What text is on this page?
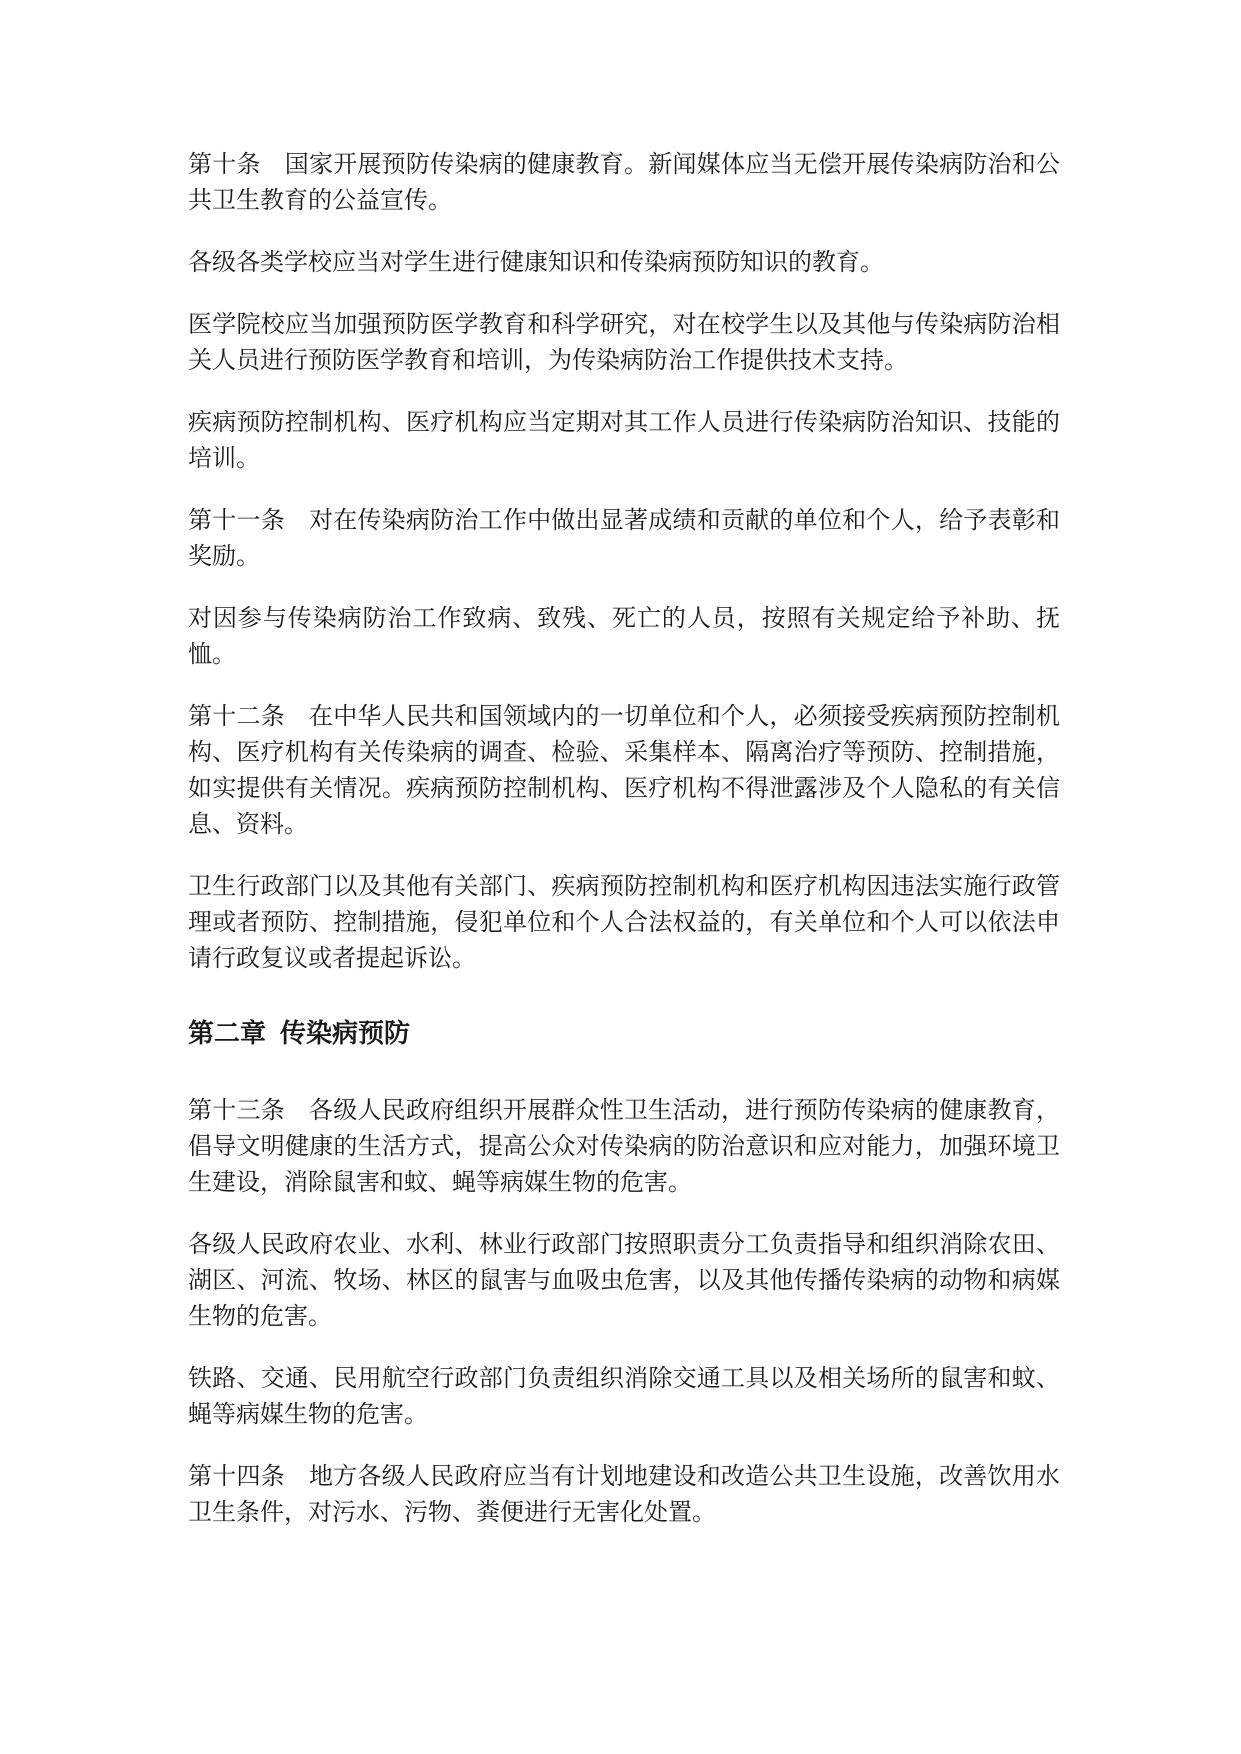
第十条 国家开展预防传染病的健康教育。新闻媒体应当无偿开展传染病防治和公共卫生教育的公益宣传。

各级各类学校应当对学生进行健康知识和传染病预防知识的教育。

医学院校应当加强预防医学教育和科学研究，对在校学生以及其他与传染病防治相关人员进行预防医学教育和培训，为传染病防治工作提供技术支持。

疾病预防控制机构、医疗机构应当定期对其工作人员进行传染病防治知识、技能的培训。

第十一条 对在传染病防治工作中做出显著成绩和贡献的单位和个人，给予表彰和奖励。

对因参与传染病防治工作致病、致残、死亡的人员，按照有关规定给予补助、抚恤。

第十二条 在中华人民共和国领域内的一切单位和个人，必须接受疾病预防控制机构、医疗机构有关传染病的调查、检验、采集样本、隔离治疗等预防、控制措施，如实提供有关情况。疾病预防控制机构、医疗机构不得泄露涉及个人隐私的有关信息、资料。

卫生行政部门以及其他有关部门、疾病预防控制机构和医疗机构因违法实施行政管理或者预防、控制措施，侵犯单位和个人合法权益的，有关单位和个人可以依法申请行政复议或者提起诉讼。

第二章 传染病预防

第十三条 各级人民政府组织开展群众性卫生活动，进行预防传染病的健康教育，倡导文明健康的生活方式，提高公众对传染病的防治意识和应对能力，加强环境卫生建设，消除鼠害和蚊、蝇等病媒生物的危害。

各级人民政府农业、水利、林业行政部门按照职责分工负责指导和组织消除农田、湖区、河流、牧场、林区的鼠害与血吸虫危害，以及其他传播传染病的动物和病媒生物的危害。

铁路、交通、民用航空行政部门负责组织消除交通工具以及相关场所的鼠害和蚊、蝇等病媒生物的危害。

第十四条 地方各级人民政府应当有计划地建设和改造公共卫生设施，改善饮用水卫生条件，对污水、污物、粪便进行无害化处置。
